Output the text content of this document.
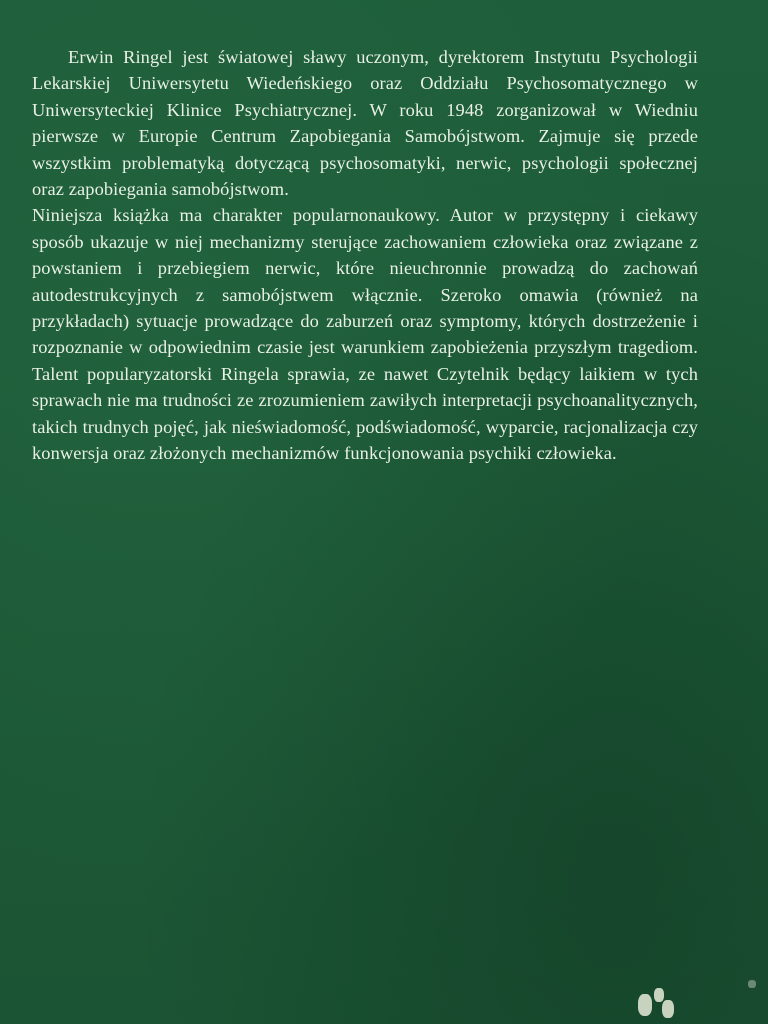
Erwin Ringel jest światowej sławy uczonym, dyrektorem Instytutu Psychologii Lekarskiej Uniwersytetu Wiedeńskiego oraz Oddziału Psychosomatycznego w Uniwersyteckiej Klinice Psychiatrycznej. W roku 1948 zorganizował w Wiedniu pierwsze w Europie Centrum Zapobiegania Samobójstwom. Zajmuje się przede wszystkim problematyką dotyczącą psychosomatyki, nerwic, psychologii społecznej oraz zapobiegania samobójstwom.

Niniejsza książka ma charakter popularnonaukowy. Autor w przystępny i ciekawy sposób ukazuje w niej mechanizmy sterujące zachowaniem człowieka oraz związane z powstaniem i przebiegiem nerwic, które nieuchronnie prowadzą do zachowań autodestrukcyjnych z samobójstwem włącznie. Szeroko omawia (również na przykładach) sytuacje prowadzące do zaburzeń oraz symptomy, których dostrzeżenie i rozpoznanie w odpowiednim czasie jest warunkiem zapobieżenia przyszłym tragediom. Talent popularyzatorski Ringela sprawia, ze nawet Czytelnik będący laikiem w tych sprawach nie ma trudności ze zrozumieniem zawiłych interpretacji psychoanalitycznych, takich trudnych pojęć, jak nieświadomość, podświadomość, wyparcie, racjonalizacja czy konwersja oraz złożonych mechanizmów funkcjonowania psychiki człowieka.
